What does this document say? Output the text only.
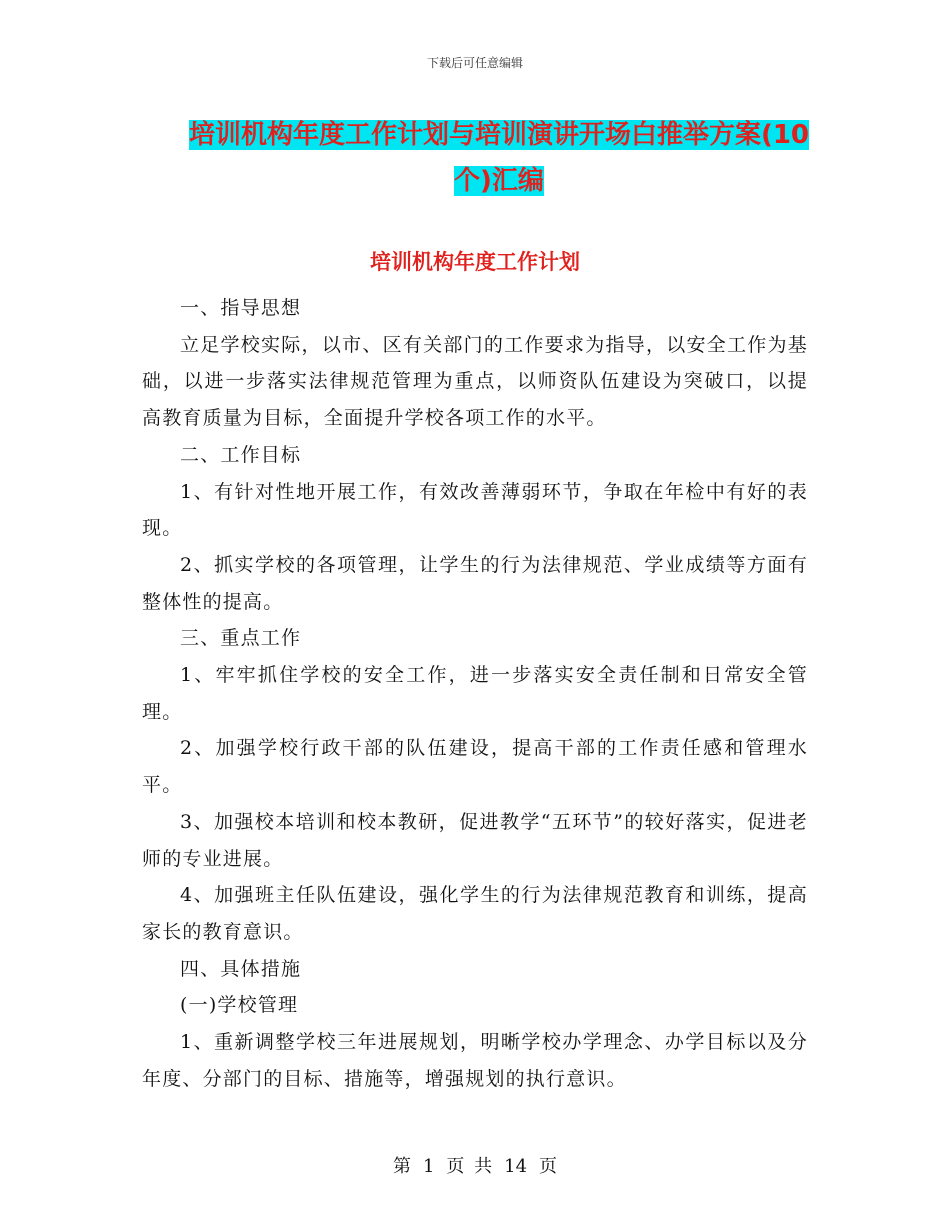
下载后可任意编辑
培训机构年度工作计划与培训演讲开场白推举方案(10个)汇编
培训机构年度工作计划

一、指导思想

立足学校实际，以市、区有关部门的工作要求为指导，以安全工作为基础，以进一步落实法律规范管理为重点，以师资队伍建设为突破口，以提高教育质量为目标，全面提升学校各项工作的水平。

二、工作目标

1、有针对性地开展工作，有效改善薄弱环节，争取在年检中有好的表现。

2、抓实学校的各项管理，让学生的行为法律规范、学业成绩等方面有整体性的提高。

三、重点工作

1、牢牢抓住学校的安全工作，进一步落实安全责任制和日常安全管理。

2、加强学校行政干部的队伍建设，提高干部的工作责任感和管理水平。

3、加强校本培训和校本教研，促进教学“五环节”的较好落实，促进老师的专业进展。

4、加强班主任队伍建设，强化学生的行为法律规范教育和训练，提高家长的教育意识。

四、具体措施

(一)学校管理

1、重新调整学校三年进展规划，明晰学校办学理念、办学目标以及分年度、分部门的目标、措施等，增强规划的执行意识。

第 1 页 共 14 页
